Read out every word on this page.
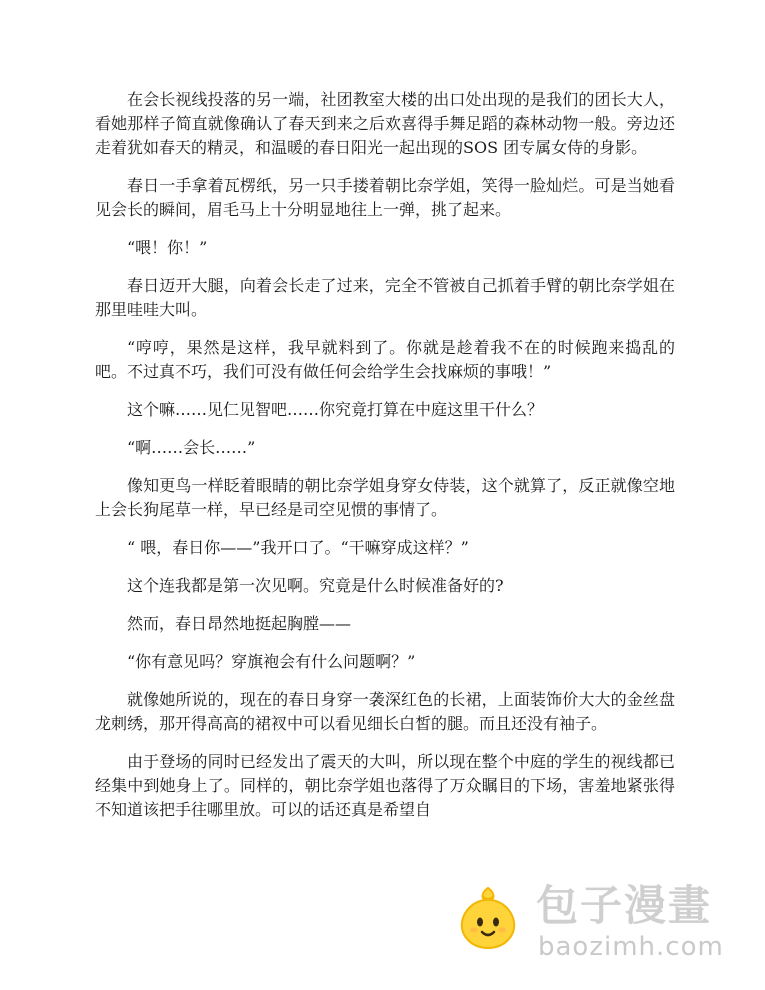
在会长视线投落的另一端，社团教室大楼的出口处出现的是我们的团长大人，看她那样子简直就像确认了春天到来之后欢喜得手舞足蹈的森林动物一般。旁边还走着犹如春天的精灵，和温暖的春日阳光一起出现的SOS 团专属女侍的身影。

春日一手拿着瓦楞纸，另一只手搂着朝比奈学姐，笑得一脸灿烂。可是当她看见会长的瞬间，眉毛马上十分明显地往上一弹，挑了起来。

“喂！你！”

春日迈开大腿，向着会长走了过来，完全不管被自己抓着手臂的朝比奈学姐在那里哇哇大叫。

“哼哼，果然是这样，我早就料到了。你就是趁着我不在的时候跑来捣乱的吧。不过真不巧，我们可没有做任何会给学生会找麻烦的事哦！”

这个嘛……见仁见智吧……你究竟打算在中庭这里干什么？

“啊……会长……”

像知更鸟一样眨着眼睛的朝比奈学姐身穿女侍装，这个就算了，反正就像空地上会长狗尾草一样，早已经是司空见惯的事情了。

“ 喂，春日你——”我开口了。“干嘛穿成这样？”

这个连我都是第一次见啊。究竟是什么时候准备好的?

然而，春日昂然地挺起胸膛——

“你有意见吗？穿旗袍会有什么问题啊？”

就像她所说的，现在的春日身穿一袭深红色的长裙，上面装饰价大大的金丝盘龙刺绣，那开得高高的裙衩中可以看见细长白皙的腿。而且还没有袖子。

由于登场的同时已经发出了震天的大叫，所以现在整个中庭的学生的视线都已经集中到她身上了。同样的，朝比奈学姐也落得了万众瞩目的下场，害羞地紧张得不知道该把手往哪里放。可以的话还真是希望自

包子漫畫
baozimh.com
